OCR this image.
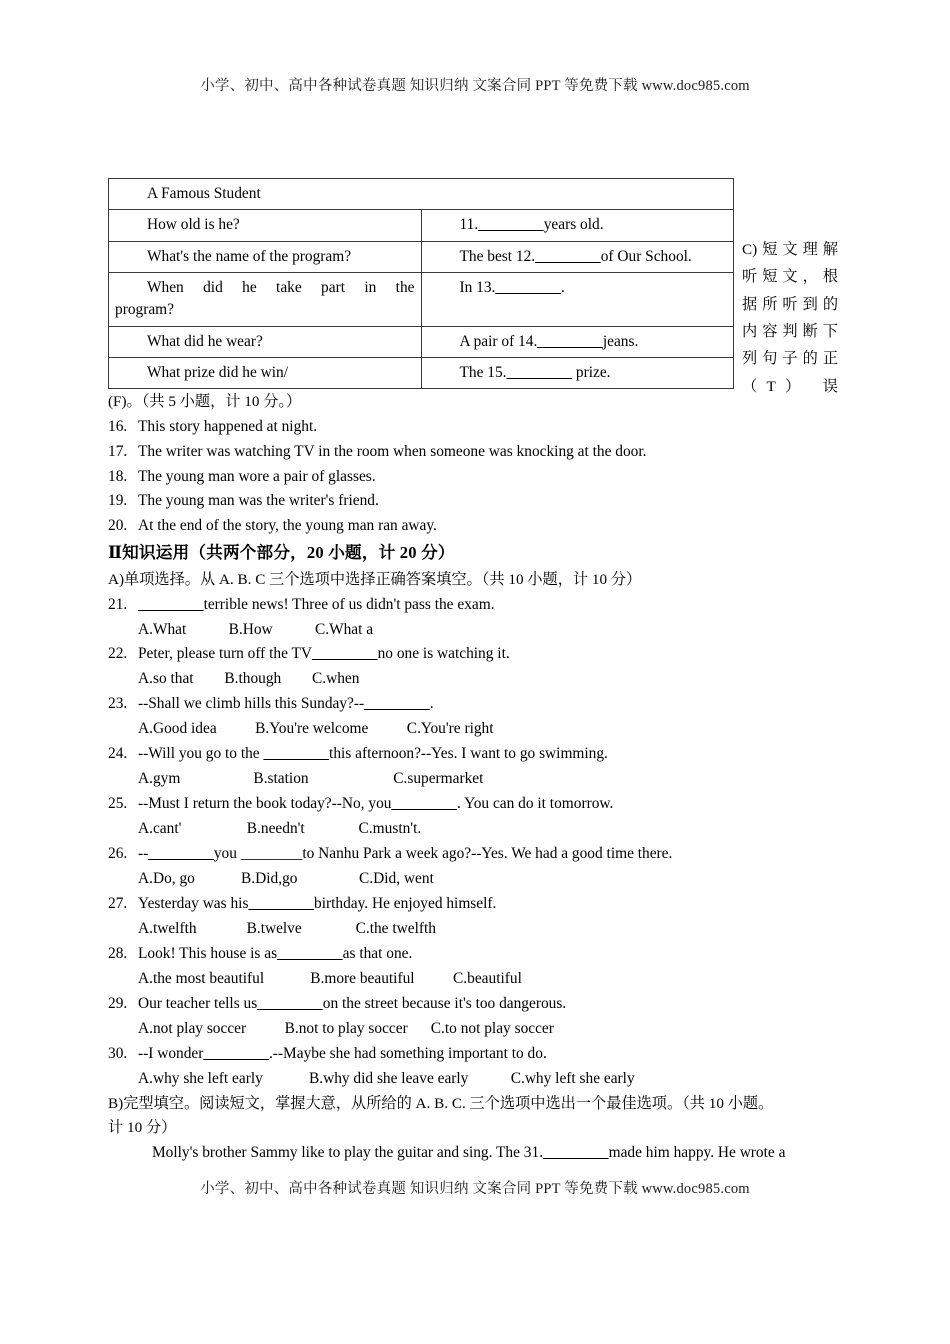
小学、初中、高中各种试卷真题 知识归纳 文案合同 PPT 等免费下载 www.doc985.com
A Famous Student	

How old is he?	11.________years old.

What's the name of the program?	The best 12.________of Our School.

When did he take part in the
program?	In 13.________.

What did he wear?	A pair of 14.________jeans.

What prize did he win/	The 15.________ prize.
C)短文理解
听短文，根
据所听到的
内容判断下
列句子的正
（T） 误
(F)。（共 5 小题，计 10 分。）
16. This story happened at night.
17. The writer was watching TV in the room when someone was knocking at the door.
18. The young man wore a pair of glasses.
19. The young man was the writer's friend.
20. At the end of the story, the young man ran away.
Ⅱ知识运用（共两个部分，20 小题，计 20 分）
A)单项选择。从 A. B. C 三个选项中选择正确答案填空。（共 10 小题，计 10 分）
21. ________terrible news! Three of us didn't pass the exam.
A.What           B.How           C.What a
22. Peter, please turn off the TV________no one is watching it.
A.so that        B.though        C.when
23. --Shall we climb hills this Sunday?--________.
A.Good idea          B.You're welcome          C.You're right
24. --Will you go to the ________this afternoon?--Yes. I want to go swimming.
A.gym                   B.station                      C.supermarket
25. --Must I return the book today?--No, you________. You can do it tomorrow.
A.cant'                 B.needn't              C.mustn't.
26. --________you ________to Nanhu Park a week ago?--Yes. We had a good time there.
A.Do, go            B.Did,go                C.Did, went
27. Yesterday was his________birthday. He enjoyed himself.
A.twelfth             B.twelve              C.the twelfth
28. Look! This house is as________as that one.
A.the most beautiful            B.more beautiful          C.beautiful
29. Our teacher tells us________on the street because it's too dangerous.
A.not play soccer          B.not to play soccer      C.to not play soccer
30. --I wonder________.--Maybe she had something important to do.
A.why she left early            B.why did she leave early           C.why left she early
B)完型填空。阅读短文，掌握大意，从所给的 A. B. C. 三个选项中选出一个最佳选项。（共 10 小题。
计 10 分）
Molly's brother Sammy like to play the guitar and sing. The 31.________made him happy. He wrote a
小学、初中、高中各种试卷真题 知识归纳 文案合同 PPT 等免费下载 www.doc985.com
